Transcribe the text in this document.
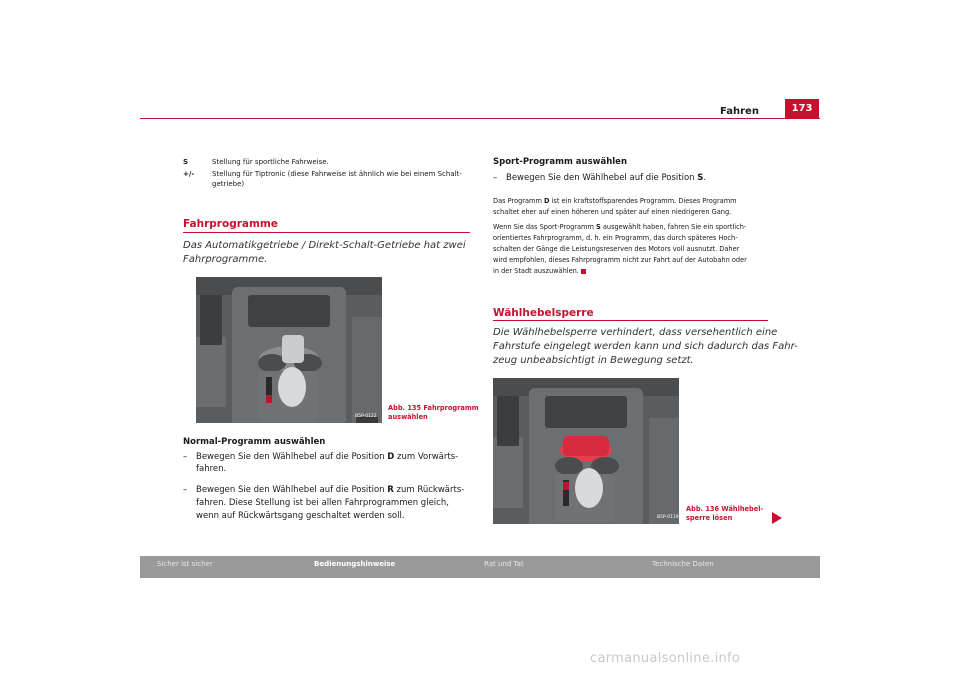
Fahren	173
S	Stellung für sportliche Fahrweise.
+/-	Stellung für Tiptronic (diese Fahrweise ist ähnlich wie bei einem Schalt-
getriebe)
Fahrprogramme
Das Automatikgetriebe / Direkt-Schalt-Getriebe hat zwei
Fahrprogramme.
B5P-0122
Abb. 135 Fahrprogramm
auswählen
Normal-Programm auswählen
– Bewegen Sie den Wählhebel auf die Position D zum Vorwärts-
fahren.
– Bewegen Sie den Wählhebel auf die Position R zum Rückwärts-
fahren. Diese Stellung ist bei allen Fahrprogrammen gleich,
wenn auf Rückwärtsgang geschaltet werden soll.
Sport-Programm auswählen
– Bewegen Sie den Wählhebel auf die Position S.
Das Programm D ist ein kraftstoffsparendes Programm. Dieses Programm
schaltet eher auf einen höheren und später auf einen niedrigeren Gang.
Wenn Sie das Sport-Programm S ausgewählt haben, fahren Sie ein sportlich-
orientiertes Fahrprogramm, d. h. ein Programm, das durch späteres Hoch-
schalten der Gänge die Leistungsreserven des Motors voll ausnutzt. Daher
wird empfohlen, dieses Fahrprogramm nicht zur Fahrt auf der Autobahn oder
in der Stadt auszuwählen.
Wählhebelsperre
Die Wählhebelsperre verhindert, dass versehentlich eine
Fahrstufe eingelegt werden kann und sich dadurch das Fahr-
zeug unbeabsichtigt in Bewegung setzt.
B5P-0119
Abb. 136 Wählhebel-
sperre lösen
Sicher ist sicher	Bedienungshinweise	Rat und Tat	Technische Daten
carmanualsonline.info
